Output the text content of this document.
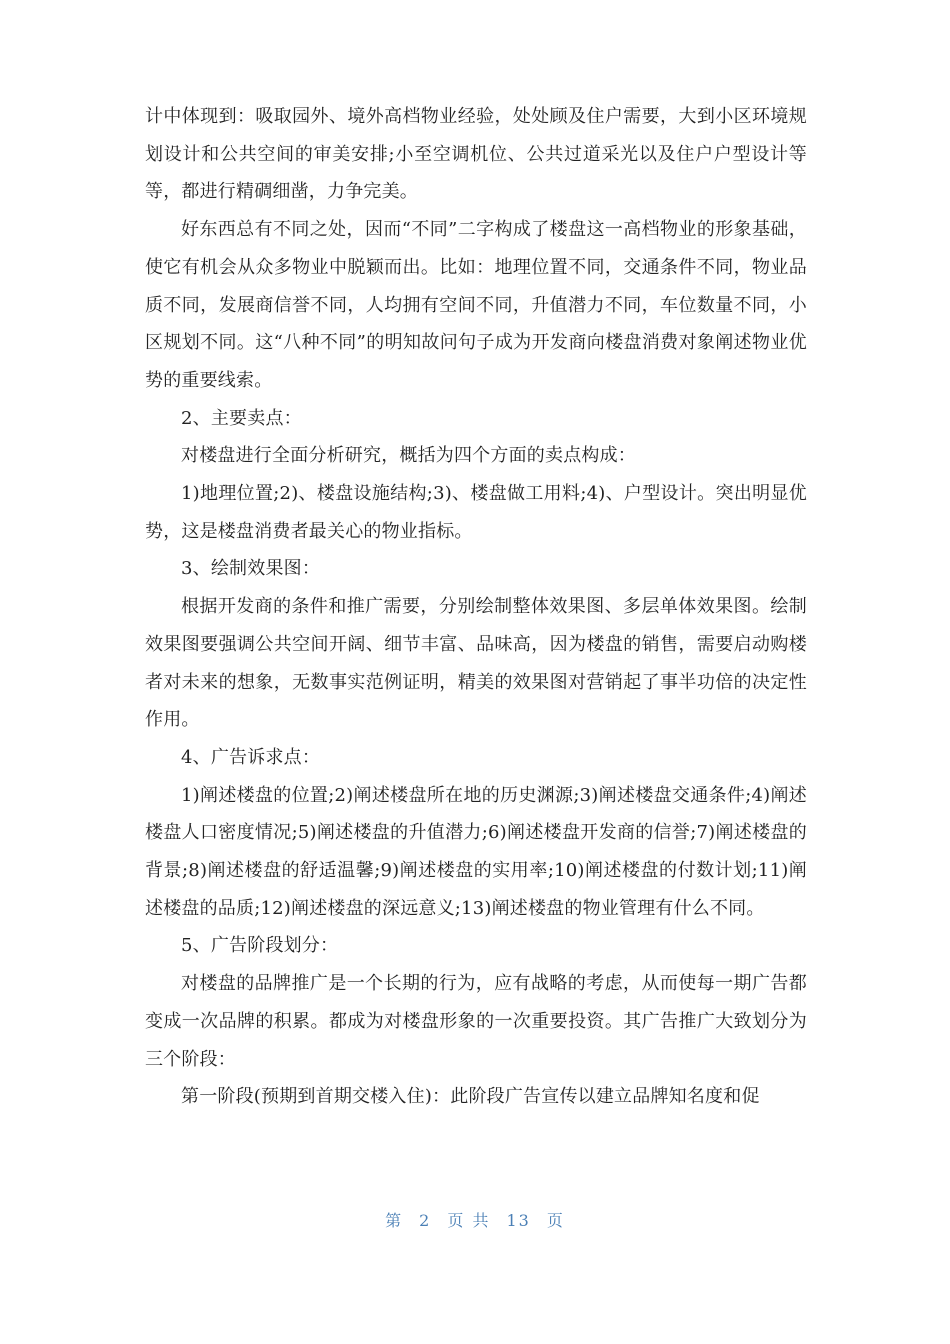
计中体现到：吸取园外、境外高档物业经验，处处顾及住户需要，大到小区环境规划设计和公共空间的审美安排;小至空调机位、公共过道采光以及住户户型设计等等，都进行精碉细凿，力争完美。

好东西总有不同之处，因而“不同”二字构成了楼盘这一高档物业的形象基础，使它有机会从众多物业中脱颖而出。比如：地理位置不同，交通条件不同，物业品质不同，发展商信誉不同，人均拥有空间不同，升值潜力不同，车位数量不同，小区规划不同。这“八种不同”的明知故问句子成为开发商向楼盘消费对象阐述物业优势的重要线索。

2、主要卖点：

对楼盘进行全面分析研究，概括为四个方面的卖点构成：

1)地理位置;2)、楼盘设施结构;3)、楼盘做工用料;4)、户型设计。突出明显优势，这是楼盘消费者最关心的物业指标。

3、绘制效果图：

根据开发商的条件和推广需要，分别绘制整体效果图、多层单体效果图。绘制效果图要强调公共空间开阔、细节丰富、品味高，因为楼盘的销售，需要启动购楼者对未来的想象，无数事实范例证明，精美的效果图对营销起了事半功倍的决定性作用。

4、广告诉求点：

1)阐述楼盘的位置;2)阐述楼盘所在地的历史渊源;3)阐述楼盘交通条件;4)阐述楼盘人口密度情况;5)阐述楼盘的升值潜力;6)阐述楼盘开发商的信誉;7)阐述楼盘的背景;8)阐述楼盘的舒适温馨;9)阐述楼盘的实用率;10)阐述楼盘的付数计划;11)阐述楼盘的品质;12)阐述楼盘的深远意义;13)阐述楼盘的物业管理有什么不同。

5、广告阶段划分：

对楼盘的品牌推广是一个长期的行为，应有战略的考虑，从而使每一期广告都变成一次品牌的积累。都成为对楼盘形象的一次重要投资。其广告推广大致划分为三个阶段：

第一阶段(预期到首期交楼入住)：此阶段广告宣传以建立品牌知名度和促

第 2 页 共 13 页
